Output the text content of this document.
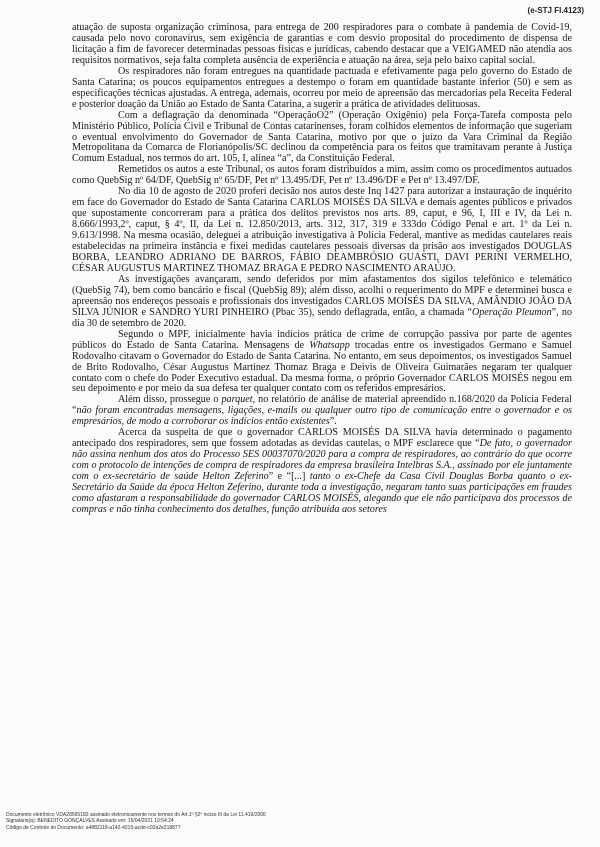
(e-STJ Fl.4123)

atuação de suposta organização criminosa, para entrega de 200 respiradores para o combate à pandemia de Covid-19, causada pelo novo coronavírus, sem exigência de garantias e com desvio proposital do procedimento de dispensa de licitação a fim de favorecer determinadas pessoas físicas e jurídicas, cabendo destacar que a VEIGAMED não atendia aos requisitos normativos, seja falta completa ausência de experiência e atuação na área, seja pelo baixo capital social.

Os respiradores não foram entregues na quantidade pactuada e efetivamente paga pelo governo do Estado de Santa Catarina; os poucos equipamentos entregues a destempo o foram em quantidade bastante inferior (50) e sem as especificações técnicas ajustadas. A entrega, ademais, ocorreu por meio de apreensão das mercadorias pela Receita Federal e posterior doação da União ao Estado de Santa Catarina, a sugerir a prática de atividades delituosas.

Com a deflagração da denominada “OperaçãoO2” (Operação Oxigênio) pela Força-Tarefa composta pelo Ministério Público, Polícia Civil e Tribunal de Contas catarinenses, foram colhidos elementos de informação que sugeriam o eventual envolvimento do Governador de Santa Catarina, motivo por que o juízo da Vara Criminal da Região Metropolitana da Comarca de Florianópolis/SC declinou da competência para os feitos que tramitavam perante à Justiça Comum Estadual, nos termos do art. 105, I, alínea “a”, da Constituição Federal.

Remetidos os autos a este Tribunal, os autos foram distribuídos a mim, assim como os procedimentos autuados como QuebSig nº 64/DF, QuebSig nº 65/DF, Pet nº 13.495/DF, Pet nº 13.496/DF e Pet nº 13.497/DF.

No dia 10 de agosto de 2020 proferi decisão nos autos deste Inq 1427 para autorizar a instauração de inquérito em face do Governador do Estado de Santa Catarina CARLOS MOISÉS DA SILVA e demais agentes públicos e privados que supostamente concorreram para a prática dos delitos previstos nos arts. 89, caput, e 96, I, III e IV, da Lei n. 8.666/1993,2º, caput, § 4º, II, da Lei n. 12.850/2013, arts. 312, 317, 319 e 333do Código Penal e art. 1º da Lei n. 9.613/1998. Na mesma ocasião, deleguei a atribuição investigativa à Polícia Federal, mantive as medidas cautelares reais estabelecidas na primeira instância e fixei medidas cautelares pessoais diversas da prisão aos investigados DOUGLAS BORBA, LEANDRO ADRIANO DE BARROS, FÁBIO DEAMBRÓSIO GUASTI, DAVI PERINI VERMELHO, CÉSAR AUGUSTUS MARTINEZ THOMAZ BRAGA E PEDRO NASCIMENTO ARAÚJO.

As investigações avançaram, sendo deferidos por mim afastamentos dos sigilos telefônico e telemático (QuebSig 74), bem como bancário e fiscal (QuebSig 89); além disso, acolhi o requerimento do MPF e determinei busca e apreensão nos endereços pessoais e profissionais dos investigados CARLOS MOISÉS DA SILVA, AMÂNDIO JOÃO DA SILVA JÚNIOR e SANDRO YURI PINHEIRO (Pbac 35), sendo deflagrada, então, a chamada “Operação Pleumon”, no dia 30 de setembro de 2020.

Segundo o MPF, inicialmente havia indícios prática de crime de corrupção passiva por parte de agentes públicos do Estado de Santa Catarina. Mensagens de Whatsapp trocadas entre os investigados Germano e Samuel Rodovalho citavam o Governador do Estado de Santa Catarina. No entanto, em seus depoimentos, os investigados Samuel de Brito Rodovalho, César Augustus Martinez Thomaz Braga e Deivis de Oliveira Guimarães negaram ter qualquer contato com o chefe do Poder Executivo estadual. Da mesma forma, o próprio Governador CARLOS MOISÉS negou em seu depoimento e por meio da sua defesa ter qualquer contato com os referidos empresários.

Além disso, prossegue o parquet, no relatório de análise de material apreendido n.168/2020 da Polícia Federal “não foram encontradas mensagens, ligações, e-mails ou qualquer outro tipo de comunicação entre o governador e os empresários, de modo a corroborar os indícios então existentes”.

Acerca da suspeita de que o governador CARLOS MOISÉS DA SILVA havia determinado o pagamento antecipado dos respiradores, sem que fossem adotadas as devidas cautelas, o MPF esclarece que “De fato, o governador não assina nenhum dos atos do Processo SES 00037070/2020 para a compra de respiradores, ao contrário do que ocorre com o protocolo de intenções de compra de respiradores da empresa brasileira Intelbras S.A., assinado por ele juntamente com o ex-secretário de saúde Helton Zeferino” e “[...] tanto o ex-Chefe da Casa Civil Douglas Borba quanto o ex-Secretário da Saúde da época Helton Zeferino, durante toda a investigação, negaram tanto suas participações em fraudes como afastaram a responsabilidade do governador CARLOS MOISÉS, alegando que ele não participava dos processos de compras e não tinha conhecimento dos detalhes, função atribuída aos setores

Documento eletrônico VDA28565183 assinado eletronicamente nos termos do Art.1º §2º inciso III da Lei 11.419/2006
Signatário(a): BENEDITO GONÇALVES Assinado em: 15/04/2021 10:54:24
Código de Controle do Documento: a4882118-a142-4215-acde-c03a2e218877
